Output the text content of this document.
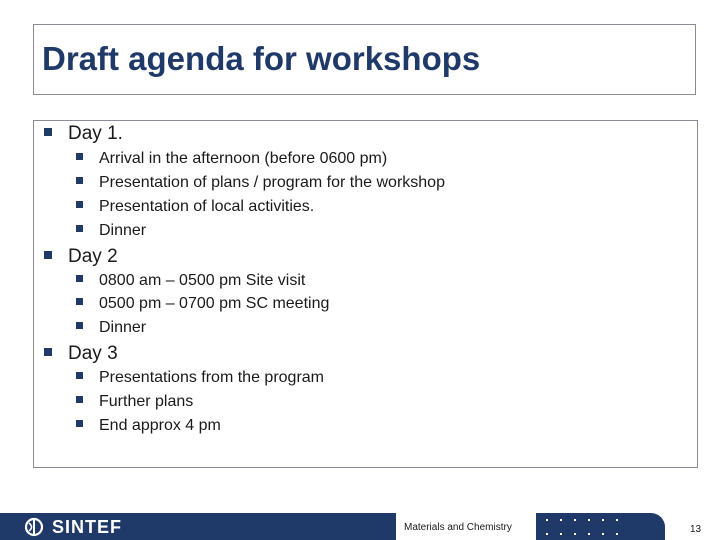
Draft agenda for workshops
Day 1.
Arrival in the afternoon (before 0600 pm)
Presentation of plans / program for the workshop
Presentation of local activities.
Dinner
Day 2
0800 am – 0500 pm Site visit
0500 pm – 0700 pm SC meeting
Dinner
Day 3
Presentations from the program
Further plans
End approx 4 pm
SINTEF	Materials and Chemistry	13
